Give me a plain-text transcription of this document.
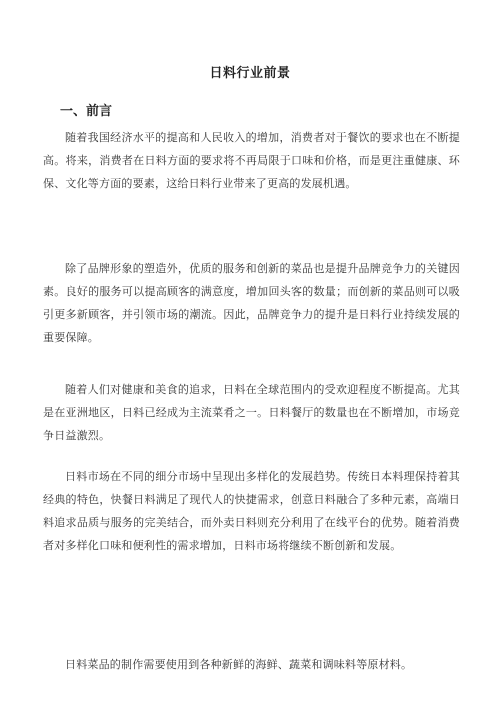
日料行业前景
一、前言

随着我国经济水平的提高和人民收入的增加，消费者对于餐饮的要求也在不断提高。将来，消费者在日料方面的要求将不再局限于口味和价格，而是更注重健康、环保、文化等方面的要素，这给日料行业带来了更高的发展机遇。

除了品牌形象的塑造外，优质的服务和创新的菜品也是提升品牌竞争力的关键因素。良好的服务可以提高顾客的满意度，增加回头客的数量；而创新的菜品则可以吸引更多新顾客，并引领市场的潮流。因此，品牌竞争力的提升是日料行业持续发展的重要保障。

随着人们对健康和美食的追求，日料在全球范围内的受欢迎程度不断提高。尤其是在亚洲地区，日料已经成为主流菜肴之一。日料餐厅的数量也在不断增加，市场竞争日益激烈。

日料市场在不同的细分市场中呈现出多样化的发展趋势。传统日本料理保持着其经典的特色，快餐日料满足了现代人的快捷需求，创意日料融合了多种元素，高端日料追求品质与服务的完美结合，而外卖日料则充分利用了在线平台的优势。随着消费者对多样化口味和便利性的需求增加，日料市场将继续不断创新和发展。

日料菜品的制作需要使用到各种新鲜的海鲜、蔬菜和调味料等原材料。
